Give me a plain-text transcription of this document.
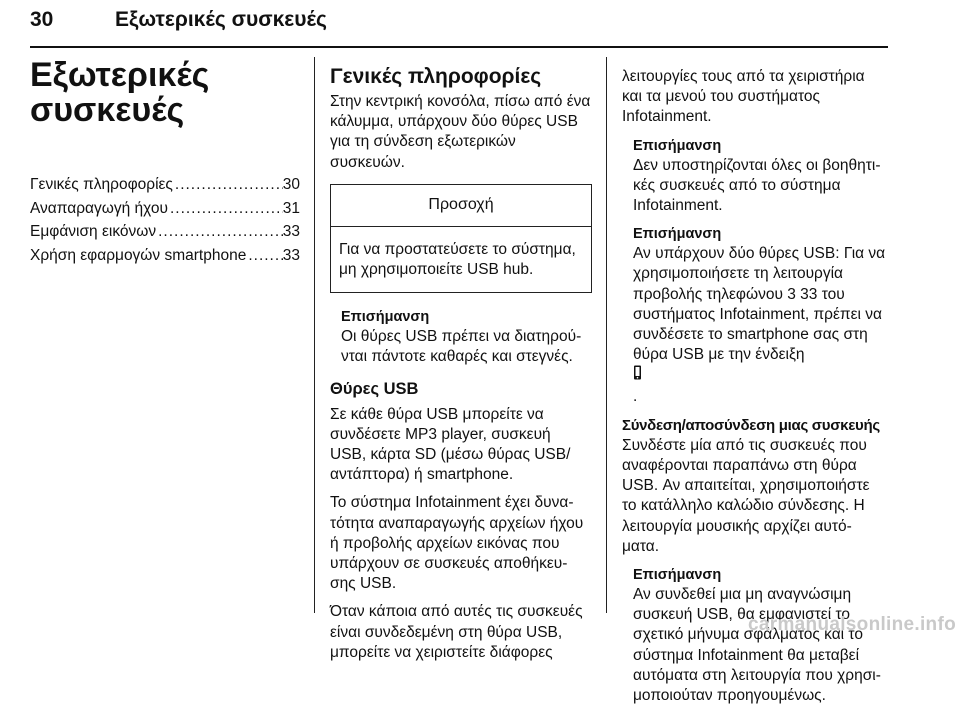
30	Εξωτερικές συσκευές
Εξωτερικές
συσκευές
Γενικές πληροφορίες .....	30
Αναπαραγωγή ήχου .....	31
Εμφάνιση εικόνων .....	33
Χρήση εφαρμογών smartphone ..... 33
Γενικές πληροφορίες

Στην κεντρική κονσόλα, πίσω από ένα
κάλυμμα, υπάρχουν δύο θύρες USB
για τη σύνδεση εξωτερικών
συσκευών.

Προσοχή
Για να προστατεύσετε το σύστημα,
μη χρησιμοποιείτε USB hub.
Επισήμανση
Οι θύρες USB πρέπει να διατηρού‐
νται πάντοτε καθαρές και στεγνές.
Θύρες USB

Σε κάθε θύρα USB μπορείτε να
συνδέσετε MP3 player, συσκευή
USB, κάρτα SD (μέσω θύρας USB/
αντάπτορα) ή smartphone.

Το σύστημα Infotainment έχει δυνα‐
τότητα αναπαραγωγής αρχείων ήχου
ή προβολής αρχείων εικόνας που
υπάρχουν σε συσκευές αποθήκευ‐
σης USB.

Όταν κάποια από αυτές τις συσκευές
είναι συνδεδεμένη στη θύρα USB,
μπορείτε να χειριστείτε διάφορες

λειτουργίες τους από τα χειριστήρια
και τα μενού του συστήματος
Infotainment.

Επισήμανση
Δεν υποστηρίζονται όλες οι βοηθητι‐
κές συσκευές από το σύστημα
Infotainment.
Επισήμανση
Αν υπάρχουν δύο θύρες USB: Για να
χρησιμοποιήσετε τη λειτουργία
προβολής τηλεφώνου 3 33 του
συστήματος Infotainment, πρέπει να
συνδέσετε το smartphone σας στη
θύρα USB με την ένδειξη
.
Σύνδεση/αποσύνδεση μιας συσκευής

Συνδέστε μία από τις συσκευές που
αναφέρονται παραπάνω στη θύρα
USB. Αν απαιτείται, χρησιμοποιήστε
το κατάλληλο καλώδιο σύνδεσης. Η
λειτουργία μουσικής αρχίζει αυτό‐
ματα.

Επισήμανση
Αν συνδεθεί μια μη αναγνώσιμη
συσκευή USB, θα εμφανιστεί το
σχετικό μήνυμα σφάλματος και το
σύστημα Infotainment θα μεταβεί
αυτόματα στη λειτουργία που χρησι‐
μοποιούταν προηγουμένως.
carmanualsonline.info
